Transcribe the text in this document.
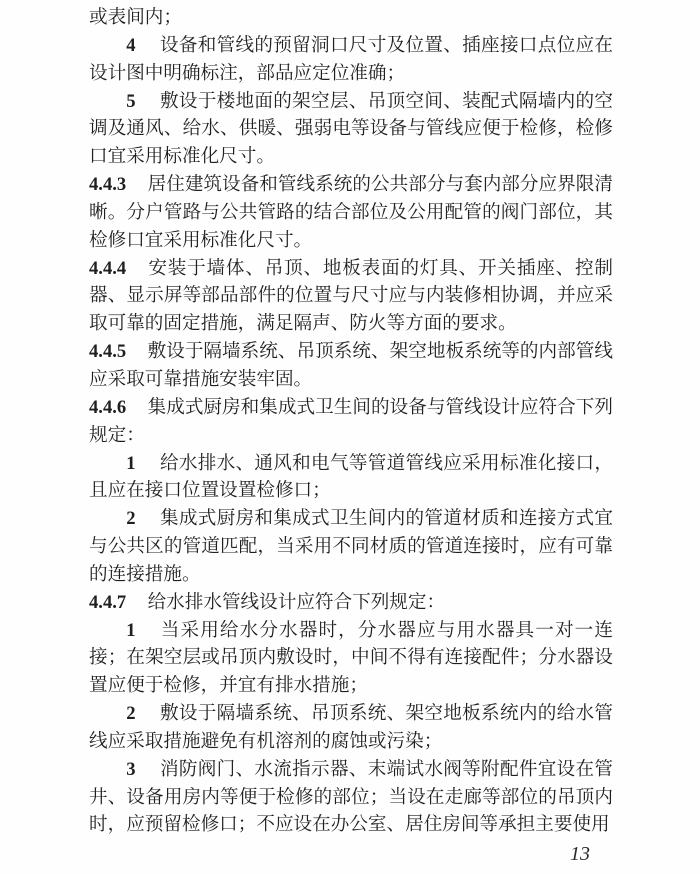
或表间内；

4 设备和管线的预留洞口尺寸及位置、插座接口点位应在设计图中明确标注，部品应定位准确；

5 敷设于楼地面的架空层、吊顶空间、装配式隔墙内的空调及通风、给水、供暖、强弱电等设备与管线应便于检修，检修口宜采用标准化尺寸。

4.4.3 居住建筑设备和管线系统的公共部分与套内部分应界限清晰。分户管路与公共管路的结合部位及公用配管的阀门部位，其检修口宜采用标准化尺寸。

4.4.4 安装于墙体、吊顶、地板表面的灯具、开关插座、控制器、显示屏等部品部件的位置与尺寸应与内装修相协调，并应采取可靠的固定措施，满足隔声、防火等方面的要求。

4.4.5 敷设于隔墙系统、吊顶系统、架空地板系统等的内部管线应采取可靠措施安装牢固。

4.4.6 集成式厨房和集成式卫生间的设备与管线设计应符合下列规定：

1 给水排水、通风和电气等管道管线应采用标准化接口，且应在接口位置设置检修口；

2 集成式厨房和集成式卫生间内的管道材质和连接方式宜与公共区的管道匹配，当采用不同材质的管道连接时，应有可靠的连接措施。

4.4.7 给水排水管线设计应符合下列规定：

1 当采用给水分水器时，分水器应与用水器具一对一连接；在架空层或吊顶内敷设时，中间不得有连接配件；分水器设置应便于检修，并宜有排水措施；

2 敷设于隔墙系统、吊顶系统、架空地板系统内的给水管线应采取措施避免有机溶剂的腐蚀或污染；

3 消防阀门、水流指示器、末端试水阀等附配件宜设在管井、设备用房内等便于检修的部位；当设在走廊等部位的吊顶内时，应预留检修口；不应设在办公室、居住房间等承担主要使用

13
